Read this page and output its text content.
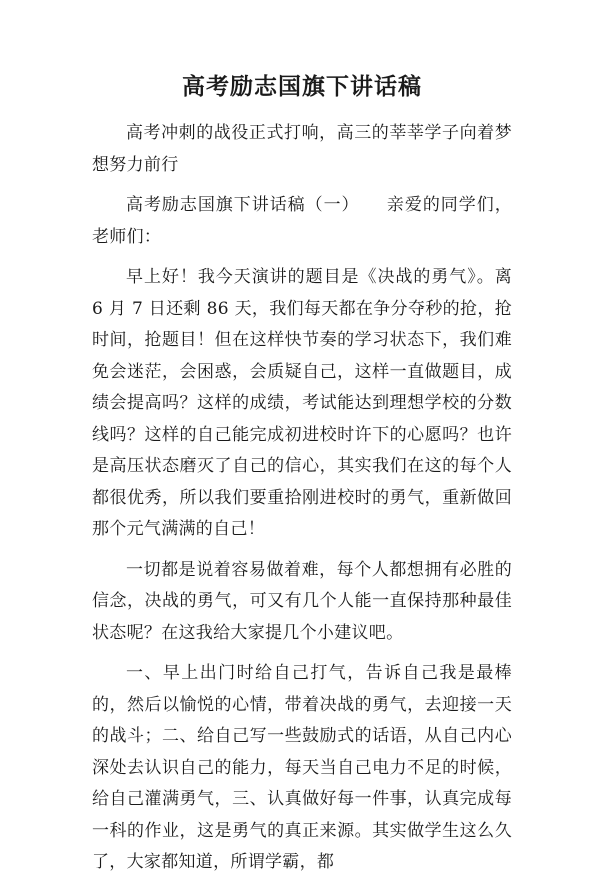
高考励志国旗下讲话稿

高考冲刺的战役正式打响，高三的莘莘学子向着梦想努力前行

高考励志国旗下讲话稿（一）　　亲爱的同学们，老师们：

早上好！我今天演讲的题目是《决战的勇气》。离 6 月 7 日还剩 86 天，我们每天都在争分夺秒的抢，抢时间，抢题目！但在这样快节奏的学习状态下，我们难免会迷茫，会困惑，会质疑自己，这样一直做题目，成绩会提高吗？这样的成绩，考试能达到理想学校的分数线吗？这样的自己能完成初进校时许下的心愿吗？也许是高压状态磨灭了自己的信心，其实我们在这的每个人都很优秀，所以我们要重拾刚进校时的勇气，重新做回那个元气满满的自己！

一切都是说着容易做着难，每个人都想拥有必胜的信念，决战的勇气，可又有几个人能一直保持那种最佳状态呢？在这我给大家提几个小建议吧。

一、早上出门时给自己打气，告诉自己我是最棒的，然后以愉悦的心情，带着决战的勇气，去迎接一天的战斗；二、给自己写一些鼓励式的话语，从自己内心深处去认识自己的能力，每天当自己电力不足的时候，给自己灌满勇气，三、认真做好每一件事，认真完成每一科的作业，这是勇气的真正来源。其实做学生这么久了，大家都知道，所谓学霸，都
